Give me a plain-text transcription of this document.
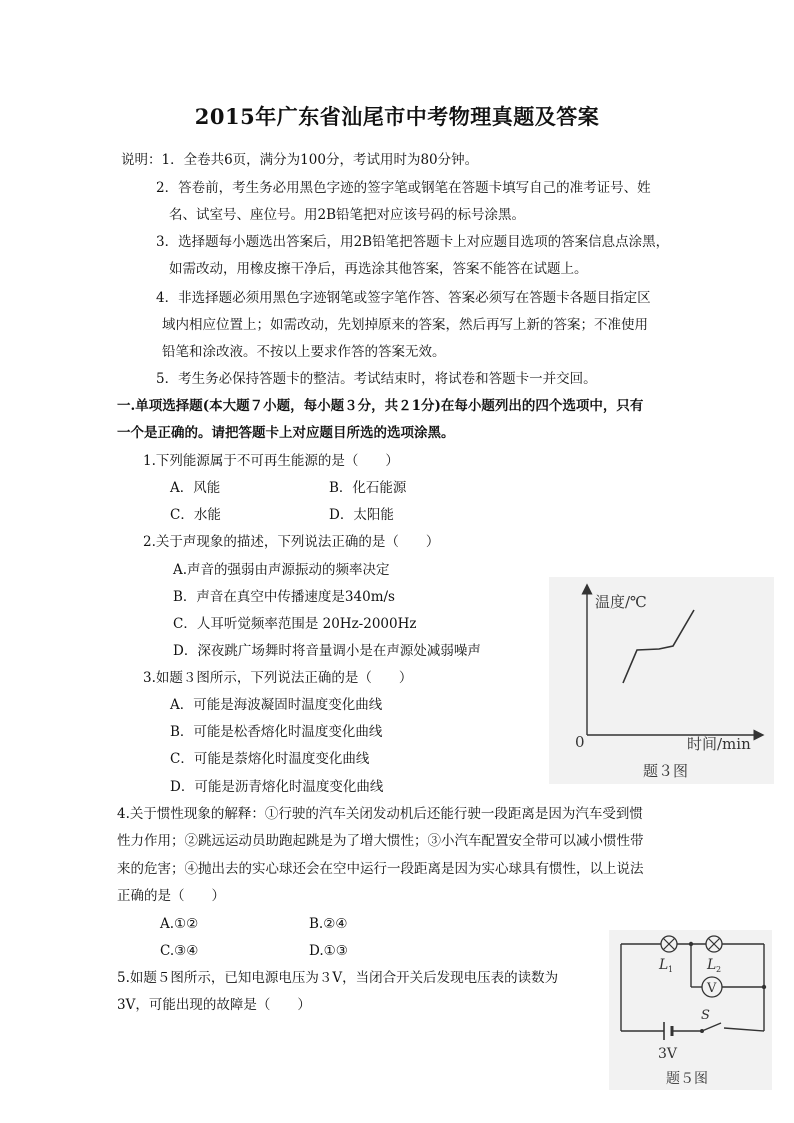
2015年广东省汕尾市中考物理真题及答案
说明：1．全卷共6页，满分为100分，考试用时为80分钟。
2．答卷前，考生务必用黑色字迹的签字笔或钢笔在答题卡填写自己的准考证号、姓
名、试室号、座位号。用2B铅笔把对应该号码的标号涂黑。
3．选择题每小题选出答案后，用2B铅笔把答题卡上对应题目选项的答案信息点涂黑，
如需改动，用橡皮擦干净后，再选涂其他答案，答案不能答在试题上。
4．非选择题必须用黑色字迹钢笔或签字笔作答、答案必须写在答题卡各题目指定区
域内相应位置上；如需改动，先划掉原来的答案，然后再写上新的答案；不准使用
铅笔和涂改液。不按以上要求作答的答案无效。
5．考生务必保持答题卡的整洁。考试结束时，将试卷和答题卡一并交回。
一.单项选择题(本大题７小题，每小题３分，共２1分)在每小题列出的四个选项中，只有
一个是正确的。请把答题卡上对应题目所选的选项涂黑。
1.下列能源属于不可再生能源的是（　　）
A．风能	B．化石能源
C．水能	D．太阳能
2.关于声现象的描述，下列说法正确的是（　　）
A.声音的强弱由声源振动的频率决定
B．声音在真空中传播速度是340m/s
C．人耳听觉频率范围是 20Hz-2000Hz
D．深夜跳广场舞时将音量调小是在声源处减弱噪声
3.如题３图所示，下列说法正确的是（　　）
A．可能是海波凝固时温度变化曲线
B．可能是松香熔化时温度变化曲线
C．可能是萘熔化时温度变化曲线
D．可能是沥青熔化时温度变化曲线
4.关于惯性现象的解释：①行驶的汽车关闭发动机后还能行驶一段距离是因为汽车受到惯
性力作用；②跳远运动员助跑起跳是为了增大惯性；③小汽车配置安全带可以减小惯性带
来的危害；④抛出去的实心球还会在空中运行一段距离是因为实心球具有惯性，以上说法
正确的是（　　）
A.①②	B.②④
C.③④	D.①③
5.如题５图所示，已知电源电压为３V，当闭合开关后发现电压表的读数为
3V，可能出现的故障是（　　）
温度/℃
0	时间/min
题３图
V
L 1 L 2
S
3V
题５图
